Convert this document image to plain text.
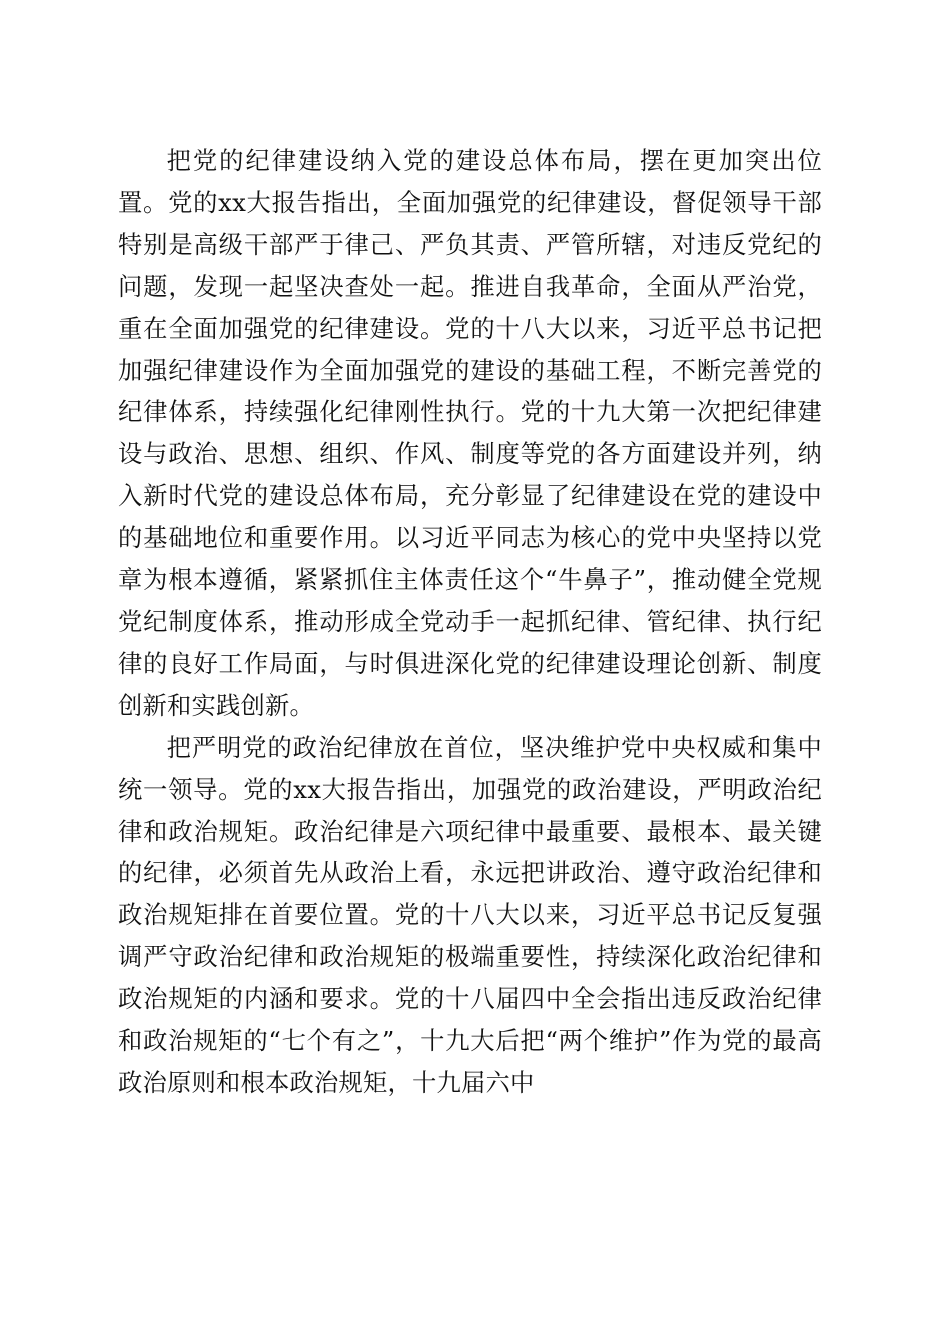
把党的纪律建设纳入党的建设总体布局，摆在更加突出位置。党的xx大报告指出，全面加强党的纪律建设，督促领导干部特别是高级干部严于律己、严负其责、严管所辖，对违反党纪的问题，发现一起坚决查处一起。推进自我革命，全面从严治党，重在全面加强党的纪律建设。党的十八大以来，习近平总书记把加强纪律建设作为全面加强党的建设的基础工程，不断完善党的纪律体系，持续强化纪律刚性执行。党的十九大第一次把纪律建设与政治、思想、组织、作风、制度等党的各方面建设并列，纳入新时代党的建设总体布局，充分彰显了纪律建设在党的建设中的基础地位和重要作用。以习近平同志为核心的党中央坚持以党章为根本遵循，紧紧抓住主体责任这个“牛鼻子”，推动健全党规党纪制度体系，推动形成全党动手一起抓纪律、管纪律、执行纪律的良好工作局面，与时俱进深化党的纪律建设理论创新、制度创新和实践创新。

把严明党的政治纪律放在首位，坚决维护党中央权威和集中统一领导。党的xx大报告指出，加强党的政治建设，严明政治纪律和政治规矩。政治纪律是六项纪律中最重要、最根本、最关键的纪律，必须首先从政治上看，永远把讲政治、遵守政治纪律和政治规矩排在首要位置。党的十八大以来，习近平总书记反复强调严守政治纪律和政治规矩的极端重要性，持续深化政治纪律和政治规矩的内涵和要求。党的十八届四中全会指出违反政治纪律和政治规矩的“七个有之”，十九大后把“两个维护”作为党的最高政治原则和根本政治规矩，十九届六中
